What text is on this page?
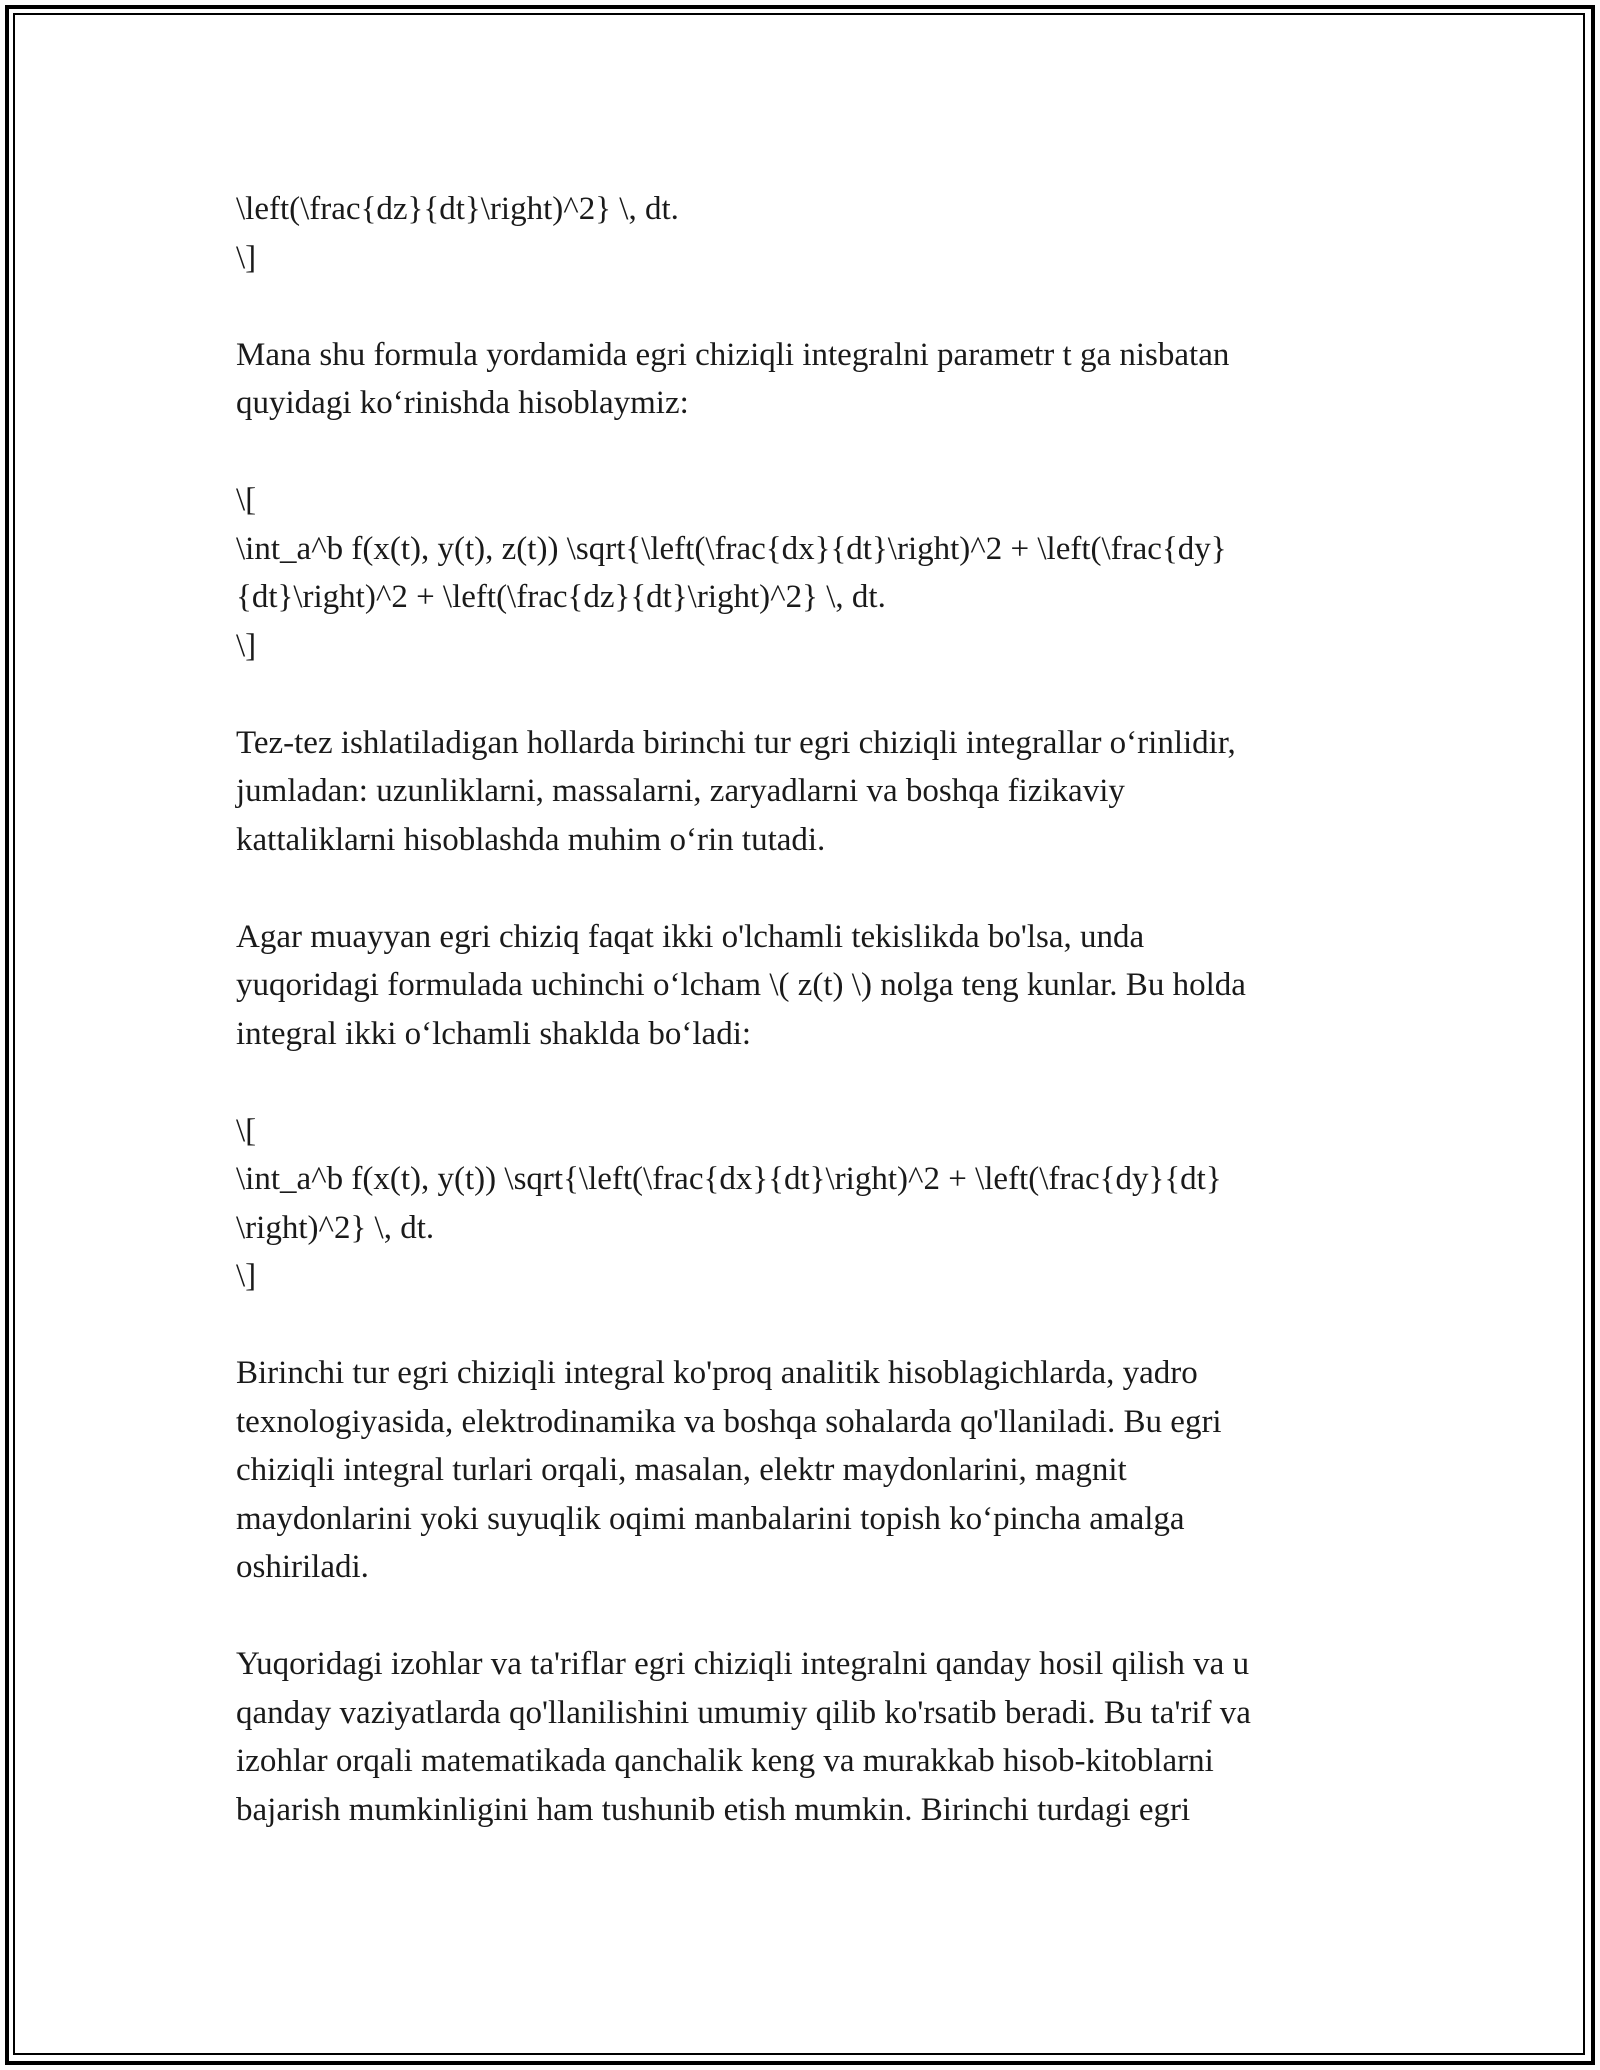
\left(\frac{dz}{dt}\right)^2} \, dt.
\]
Mana shu formula yordamida egri chiziqli integralni parametr t ga nisbatan
quyidagi ko‘rinishda hisoblaymiz:
\[
\int_a^b f(x(t), y(t), z(t)) \sqrt{\left(\frac{dx}{dt}\right)^2 + \left(\frac{dy}
{dt}\right)^2 + \left(\frac{dz}{dt}\right)^2} \, dt.
\]
Tez-tez ishlatiladigan hollarda birinchi tur egri chiziqli integrallar o‘rinlidir,
jumladan: uzunliklarni, massalarni, zaryadlarni va boshqa fizikaviy
kattaliklarni hisoblashda muhim o‘rin tutadi.
Agar muayyan egri chiziq faqat ikki o'lchamli tekislikda bo'lsa, unda
yuqoridagi formulada uchinchi o‘lcham \( z(t) \) nolga teng kunlar. Bu holda
integral ikki o‘lchamli shaklda bo‘ladi:
\[
\int_a^b f(x(t), y(t)) \sqrt{\left(\frac{dx}{dt}\right)^2 + \left(\frac{dy}{dt}
\right)^2} \, dt.
\]
Birinchi tur egri chiziqli integral ko'proq analitik hisoblagichlarda, yadro
texnologiyasida, elektrodinamika va boshqa sohalarda qo'llaniladi. Bu egri
chiziqli integral turlari orqali, masalan, elektr maydonlarini, magnit
maydonlarini yoki suyuqlik oqimi manbalarini topish ko‘pincha amalga
oshiriladi.
Yuqoridagi izohlar va ta'riflar egri chiziqli integralni qanday hosil qilish va u
qanday vaziyatlarda qo'llanilishini umumiy qilib ko'rsatib beradi. Bu ta'rif va
izohlar orqali matematikada qanchalik keng va murakkab hisob-kitoblarni
bajarish mumkinligini ham tushunib etish mumkin. Birinchi turdagi egri
